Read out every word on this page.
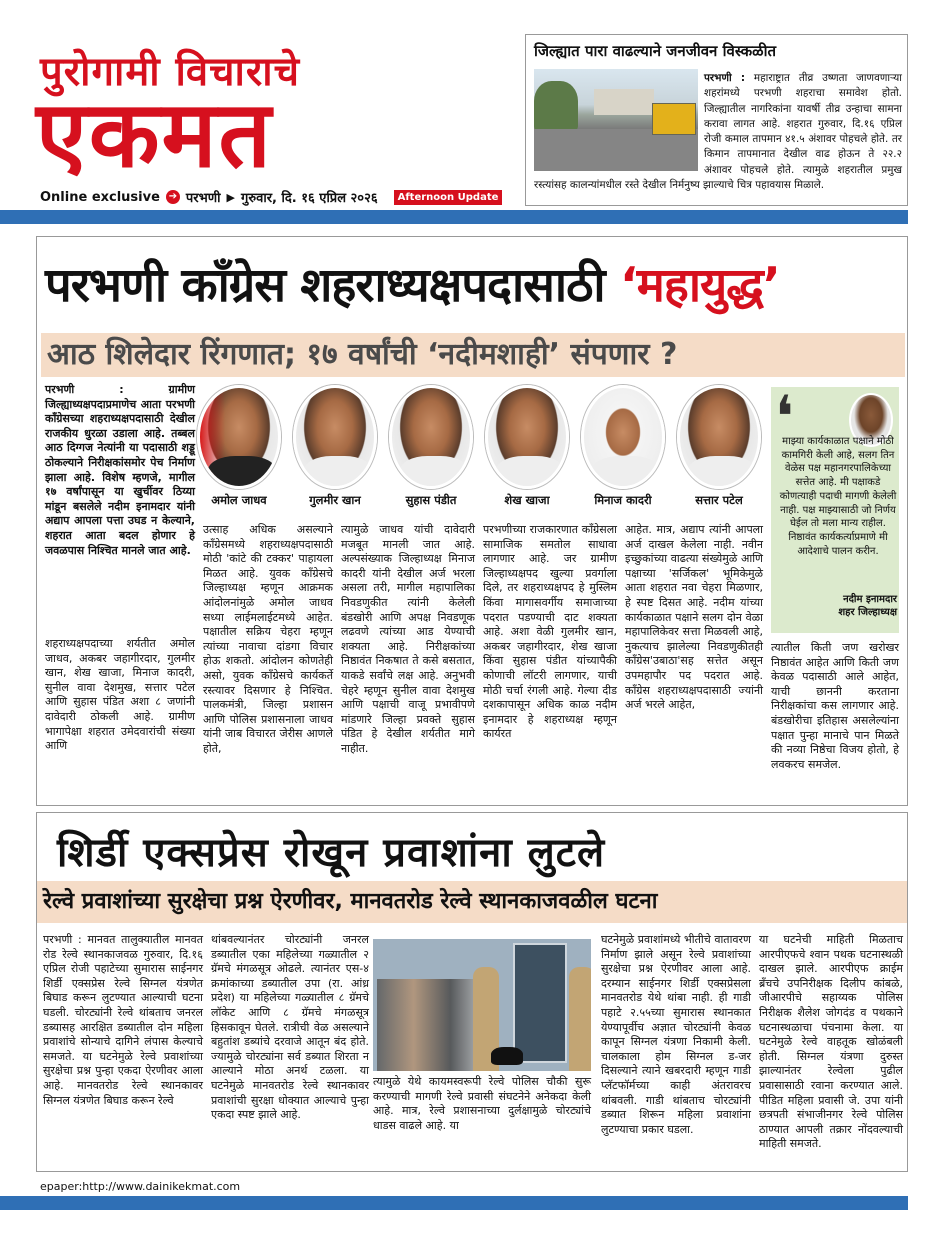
पुरोगामी विचाराचे
एकमत
Online exclusive ➔ परभणी ▶ गुरुवार, दि. १६ एप्रिल २०२६	Afternoon Update
जिल्ह्यात पारा वाढल्याने जनजीवन विस्कळीत
परभणी : महाराष्ट्रात तीव्र उष्णता जाणवणाऱ्या शहरांमध्ये परभणी शहराचा समावेश होतो. जिल्ह्यातील नागरिकांना यावर्षी तीव्र उन्हाचा सामना करावा लागत आहे. शहरात गुरुवार, दि.१६ एप्रिल रोजी कमाल तापमान ४१.५ अंशावर पोहचले होते. तर किमान तापमानात देखील वाढ होऊन ते २२.२ अंशावर पोहचले होते. त्यामुळे शहरातील प्रमुख रस्त्यांसह कालन्यांमधील रस्ते देखील निर्मनुष्य झाल्याचे चित्र पहावयास मिळाले.
परभणी काँग्रेस शहराध्यक्षपदासाठी ‘महायुद्ध’
आठ शिलेदार रिंगणात; १७ वर्षांची ‘नदीमशाही’ संपणार ?
अमोल जाधव	गुलमीर खान	सुहास पंडीत	शेख खाजा	मिनाज कादरी	सत्तार पटेल
❛
माझ्या कार्यकाळात पक्षाने मोठी कामगिरी केली आहे, सलग तिन वेळेस पक्ष महानगरपालिकेच्या सत्तेत आहे. मी पक्षाकडे कोणत्याही पदाची मागणी केलेली नाही. पक्ष माझ्यासाठी जो निर्णय घेईल तो मला मान्य राहील. निष्ठावंत कार्यकर्त्याप्रमाणे मी आदेशाचे पालन करीन.
नदीम इनामदार
शहर जिल्हाध्यक्ष
परभणी : ग्रामीण जिल्ह्याध्यक्षपदाप्रमाणेच आता परभणी काँग्रेसच्या शहराध्यक्षपदासाठी देखील राजकीय धुरळा उडाला आहे. तब्बल आठ दिग्गज नेत्यांनी या पदासाठी शड्डू ठोकल्याने निरीक्षकांसमोर पेच निर्माण झाला आहे. विशेष म्हणजे, मागील १७ वर्षांपासून या खुर्चीवर ठिय्या मांडून बसलेले नदीम इनामदार यांनी अद्याप आपला पत्ता उघड न केल्याने, शहरात आता बदल होणार हे जवळपास निश्चित मानले जात आहे.
शहराध्यक्षपदाच्या शर्यतीत अमोल जाधव, अकबर जहागीरदार, गुलमीर खान, शेख खाजा, मिनाज कादरी, सुनील वावा देशमुख, सत्तार पटेल आणि सुहास पंडित अशा ८ जणांनी दावेदारी ठोकली आहे. ग्रामीण भागापेक्षा शहरात उमेदवारांची संख्या आणि
उत्साह अधिक असल्याने काँग्रेसमध्ये शहराध्यक्षपदासाठी मोठी 'कांटे की टक्कर' पाहायला मिळत आहे. युवक काँग्रेसचे जिल्हाध्यक्ष म्हणून आक्रमक आंदोलनांमुळे अमोल जाधव सध्या लाईमलाईटमध्ये आहेत. पक्षातील सक्रिय चेहरा म्हणून त्यांच्या नावाचा दांडगा विचार होऊ शकतो. आंदोलन कोणतेही असो, युवक काँग्रेसचे कार्यकर्ते रस्त्यावर दिसणार हे निश्चित. पालकमंत्री, जिल्हा प्रशासन आणि पोलिस प्रशासनाला जाधव यांनी जाब विचारत जेरीस आणले होते,
त्यामुळे जाधव यांची दावेदारी मजबूत मानली जात आहे. अल्पसंख्याक जिल्हाध्यक्ष मिनाज कादरी यांनी देखील अर्ज भरला असला तरी, मागील महापालिका निवडणुकीत त्यांनी केलेली बंडखोरी आणि अपक्ष निवडणूक लढवणे त्यांच्या आड येण्याची शक्यता आहे. निरीक्षकांच्या निष्ठावंत निकषात ते कसे बसतात, याकडे सर्वांचे लक्ष आहे. अनुभवी चेहरे म्हणून सुनील वावा देशमुख आणि पक्षाची वाजू प्रभावीपणे मांडणारे जिल्हा प्रवक्ते सुहास पंडित हे देखील शर्यतीत मागे नाहीत.
परभणीच्या राजकारणात काँग्रेसला सामाजिक समतोल साधावा लागणार आहे. जर ग्रामीण जिल्हाध्यक्षपद खुल्या प्रवर्गाला दिले, तर शहराध्यक्षपद हे मुस्लिम किंवा मागासवर्गीय समाजाच्या पदरात पडण्याची दाट शक्यता आहे. अशा वेळी गुलमीर खान, अकबर जहागीरदार, शेख खाजा किंवा सुहास पंडीत यांच्यापैकी कोणाची लॉटरी लागणार, याची मोठी चर्चा रंगली आहे. गेल्या दीड दशकापासून अधिक काळ नदीम इनामदार हे शहराध्यक्ष म्हणून कार्यरत
आहेत. मात्र, अद्याप त्यांनी आपला अर्ज दाखल केलेला नाही. नवीन इच्छुकांच्या वाढत्या संख्येमुळे आणि पक्षाच्या 'सर्जिकल' भूमिकेमुळे आता शहरात नवा चेहरा मिळणार, हे स्पष्ट दिसत आहे. नदीम यांच्या कार्यकाळात पक्षाने सलग दोन वेळा महापालिकेवर सत्ता मिळवली आहे, नुकत्याच झालेल्या निवडणुकीतही काँग्रेस'उबाठा'सह सत्तेत असून उपमहापौर पद पदरात आहे. काँग्रेस शहराध्यक्षपदासाठी ज्यांनी अर्ज भरले आहेत,
त्यातील किती जण खरोखर निष्ठावंत आहेत आणि किती जण केवळ पदासाठी आले आहेत, याची छाननी करताना निरीक्षकांचा कस लागणार आहे. बंडखोरीचा इतिहास असलेल्यांना पक्षात पुन्हा मानाचे पान मिळते की नव्या निष्ठेचा विजय होतो, हे लवकरच समजेल.
शिर्डी एक्सप्रेस रोखून प्रवाशांना लुटले
रेल्वे प्रवाशांच्या सुरक्षेचा प्रश्न ऐरणीवर, मानवतरोड रेल्वे स्थानकाजवळील घटना
परभणी : मानवत तालुक्यातील मानवत रोड रेल्वे स्थानकाजवळ गुरुवार, दि.१६ एप्रिल रोजी पहाटेच्या सुमारास साईनगर शिर्डी एक्सप्रेस रेल्वे सिग्नल यंत्रणेत बिघाड करून लुटण्यात आल्याची घटना घडली. चोरट्यांनी रेल्वे थांबताच जनरल डब्यासह आरक्षित डब्यातील दोन महिला प्रवाशांचे सोन्याचे दागिने लंपास केल्याचे समजते. या घटनेमुळे रेल्वे प्रवाशांच्या सुरक्षेचा प्रश्न पुन्हा एकदा ऐरणीवर आला आहे. मानवतरोड रेल्वे स्थानकावर सिग्नल यंत्रणेत बिघाड करून रेल्वे
थांबवल्यानंतर चोरट्यांनी जनरल डब्यातील एका महिलेच्या गळ्यातील २ ग्रॅमचे मंगळसूत्र ओढले. त्यानंतर एस-४ क्रमांकाच्या डब्यातील उपा (रा. आंध्र प्रदेश) या महिलेच्या गळ्यातील ८ ग्रॅमचे लॉकेट आणि ८ ग्रॅमचे मंगळसूत्र हिसकावून घेतले. रात्रीची वेळ असल्याने बहुतांश डब्यांचे दरवाजे आतून बंद होते. ज्यामुळे चोरट्यांना सर्व डब्यात शिरता न आल्याने मोठा अनर्थ टळला. या घटनेमुळे मानवतरोड रेल्वे स्थानकावर प्रवाशांची सुरक्षा धोक्यात आल्याचे पुन्हा एकदा स्पष्ट झाले आहे.
त्यामुळे येथे कायमस्वरूपी रेल्वे पोलिस चौकी सुरू करण्याची मागणी रेल्वे प्रवासी संघटनेने अनेकदा केली आहे. मात्र, रेल्वे प्रशासनाच्या दुर्लक्षामुळे चोरट्यांचे धाडस वाढले आहे. या
घटनेमुळे प्रवाशांमध्ये भीतीचे वातावरण निर्माण झाले असून रेल्वे प्रवाशांच्या सुरक्षेचा प्रश्न ऐरणीवर आला आहे. दरम्यान साईनगर शिर्डी एक्सप्रेसला मानवतरोड येथे थांबा नाही. ही गाडी पहाटे २.५५च्या सुमारास स्थानकात येण्यापूर्वीच अज्ञात चोरट्यांनी केवळ कापून सिग्नल यंत्रणा निकामी केली. चालकाला होम सिग्नल ड-जर दिसल्याने त्याने खबरदारी म्हणून गाडी प्लॅटफॉर्मच्या काही अंतरावरच थांबवली. गाडी थांबताच चोरट्यांनी डब्यात शिरून महिला प्रवाशांना लुटण्याचा प्रकार घडला.
या घटनेची माहिती मिळताच आरपीएफचे श्वान पथक घटनास्थळी दाखल झाले. आरपीएफ क्राईम ब्रँचचे उपनिरीक्षक दिलीप कांबळे, जीआरपीचे सहाय्यक पोलिस निरीक्षक शैलेश जोगदंड व पथकाने घटनास्थळाचा पंचनामा केला. या घटनेमुळे रेल्वे वाहतूक खोळंबली होती. सिग्नल यंत्रणा दुरुस्त झाल्यानंतर रेल्वेला पुढील प्रवासासाठी रवाना करण्यात आले. पीडित महिला प्रवासी जे. उपा यांनी छत्रपती संभाजीनगर रेल्वे पोलिस ठाण्यात आपली तक्रार नोंदवल्याची माहिती समजते.
epaper:http://www.dainikekmat.com
